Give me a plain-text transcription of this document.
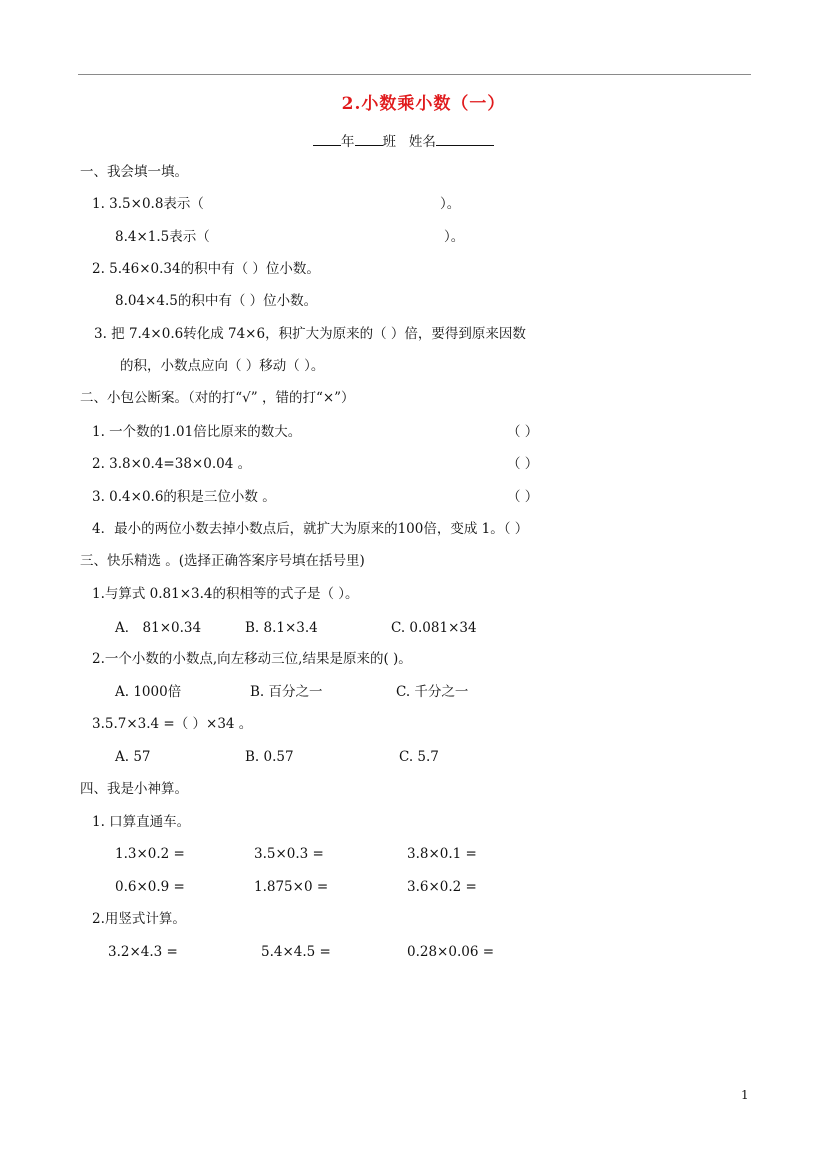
2.小数乘小数（一）
年 班 姓名
一、我会填一填。
1. 3.5×0.8表示（	）。
8.4×1.5表示（	）。
2. 5.46×0.34的积中有（ ）位小数。
8.04×4.5的积中有（ ）位小数。
3. 把 7.4×0.6转化成 74×6，积扩大为原来的（ ）倍，要得到原来因数
的积，小数点应向（ ）移动（ ）。
二、小包公断案。（对的打“√” ，错的打“×”）
1. 一个数的1.01倍比原来的数大。	（ ）
2. 3.8×0.4=38×0.04 。	（ ）
3. 0.4×0.6的积是三位小数 。	（ ）
4．最小的两位小数去掉小数点后，就扩大为原来的100倍，变成 1。（ ）
三、快乐精选 。(选择正确答案序号填在括号里)
1.与算式 0.81×3.4的积相等的式子是（ ）。
A． 81×0.34	B. 8.1×3.4	C. 0.081×34
2.一个小数的小数点,向左移动三位,结果是原来的( )。
A. 1000倍	B. 百分之一	C. 千分之一
3.5.7×3.4 =（ ）×34 。
A. 57	B. 0.57	C. 5.7
四、我是小神算。
1. 口算直通车。
1.3×0.2 =	3.5×0.3 =	3.8×0.1 =
0.6×0.9 =	1.875×0 =	3.6×0.2 =
2.用竖式计算。
3.2×4.3 =	5.4×4.5 =	0.28×0.06 =
1
